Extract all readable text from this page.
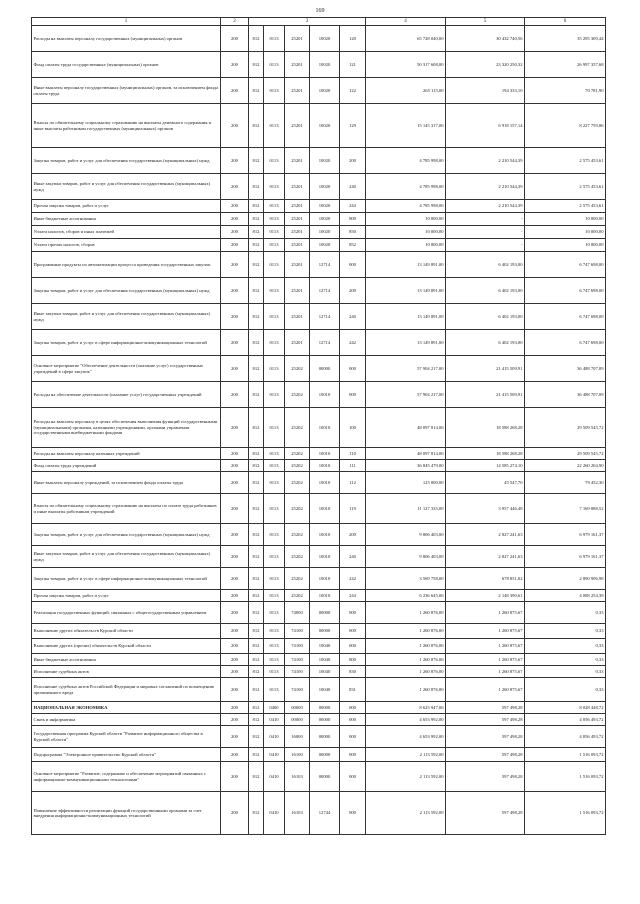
169
1	2	3					4	5	6
Расходы на выплаты персоналу государственных (муниципальных) органов	200	812	0113	25201	10020	120	65 728 040,00	30 432 740,56	35 295 309,44
Фонд оплаты труда государственных (муниципальных) органов	200	812	0113	25201	10020	121	50 317 608,00	23 320 250,32	26 997 357,68
Иные выплаты персоналу государственных (муниципальных) органов, за исключением фонда оплаты труда	200	812	0113	25201	10020	122	265 115,00	194 333,10	70 781,90
Взносы по обязательному социальному страхованию на выплаты денежного содержания и иные выплаты работникам государственных (муниципальных) органов	200	812	0113	25201	10020	129	15 145 317,00	6 918 157,14	8 227 759,86
Закупка товаров, работ и услуг для обеспечения государственных (муниципальных) нужд	200	812	0113	25201	10020	200	4 785 998,00	2 210 544,39	2 575 453,61
Иные закупки товаров, работ и услуг для обеспечения государственных (муниципальных) нужд	200	812	0113	25201	10020	240	4 785 998,00	2 210 544,39	2 575 453,61
Прочая закупка товаров, работ и услуг	200	812	0113	25201	10020	244	4 785 998,00	2 210 544,39	2 575 453,61
Иные бюджетные ассигнования	200	812	0113	25201	10020	800	10 000,00	-	10 000,00
Уплата налогов, сборов и иных платежей	200	812	0113	25201	10020	850	10 000,00	-	10 000,00
Уплата прочих налогов, сборов	200	812	0113	25201	10020	852	10 000,00	-	10 000,00
Программные продукты по автоматизации процесса проведения государственных закупок	200	812	0113	25201	12714	000	13 149 891,00	6 402 193,00	6 747 698,00
Закупка товаров, работ и услуг для обеспечения государственных (муниципальных) нужд	200	812	0113	25201	12714	200	13 149 891,00	6 402 193,00	6 747 698,00
Иные закупки товаров, работ и услуг для обеспечения государственных (муниципальных) нужд	200	812	0113	25201	12714	240	13 149 891,00	6 402 193,00	6 747 698,00
Закупка товаров, работ и услуг в сфере информационно-коммуникационных технологий	200	812	0113	25201	12714	242	13 149 891,00	6 402 193,00	6 747 698,00
Основное мероприятие "Обеспечение деятельности (оказание услуг) государственных учреждений в сфере закупок"	200	812	0113	25202	00000	000	57 904 217,00	21 415 509,91	36 488 707,09
Расходы на обеспечение деятельности (оказание услуг) государственных учреждений	200	812	0113	25202	10010	000	57 904 217,00	21 415 509,91	36 488 707,09
Расходы на выплаты персоналу в целях обеспечения выполнения функций государственными (муниципальными) органами, казенными учреждениями, органами управления государственными внебюджетными фондами	200	812	0113	25202	10010	100	48 097 814,00	18 588 268,28	29 509 545,72
Расходы на выплаты персоналу казенных учреждений	200	812	0113	25202	10010	110	48 097 814,00	18 588 268,28	29 509 545,72
Фонд оплаты труда учреждений	200	812	0113	25202	10010	111	36 845 479,00	14 585 274,10	22 260 204,90
Иные выплаты персоналу учреждений, за исключением фонда оплаты труда	200	812	0113	25202	10010	112	125 000,00	45 547,70	79 452,30
Взносы по обязательному социальному страхованию на выплаты по оплате труда работников и иные выплаты работникам учреждений	200	812	0113	25202	10010	119	11 127 335,00	3 957 446,48	7 169 888,52
Закупка товаров, работ и услуг для обеспечения государственных (муниципальных) нужд	200	812	0113	25202	10010	200	9 806 403,00	2 827 241,63	6 979 161,37
Иные закупки товаров, работ и услуг для обеспечения государственных (муниципальных) нужд	200	812	0113	25202	10010	240	9 806 403,00	2 827 241,63	6 979 161,37
Закупка товаров, работ и услуг в сфере информационно-коммуникационных технологий	200	812	0113	25202	10010	242	3 569 758,00	678 851,02	2 890 906,98
Прочая закупка товаров, работ и услуг	200	812	0113	25202	10010	244	6 236 645,00	2 148 390,61	4 088 254,39
Реализация государственных функций, связанных с общегосударственным управлением	200	812	0113	74000	00000	000	1 260 876,00	1 260 875,67	0,33
Выполнение других обязательств Курской области	200	812	0113	74100	00000	000	1 260 876,00	1 260 875,67	0,33
Выполнение других (прочих) обязательств Курской области	200	812	0113	74100	10040	000	1 260 876,00	1 260 875,67	0,33
Иные бюджетные ассигнования	200	812	0113	74100	10040	800	1 260 876,00	1 260 875,67	0,33
Исполнение судебных актов	200	812	0113	74100	10040	830	1 260 876,00	1 260 875,67	0,33
Исполнение судебных актов Российской Федерации и мировых соглашений по возмещению причиненного вреда	200	812	0113	74100	10040	831	1 260 876,00	1 260 875,67	0,33
НАЦИОНАЛЬНАЯ ЭКОНОМИКА	200	812	0400	00000	00000	000	8 625 947,00	597 498,28	8 028 448,72
Связь и информатика	200	812	0410	00000	00000	000	4 653 992,00	597 498,28	4 056 493,72
Государственная программа Курской области "Развитие информационного общества в Курской области"	200	812	0410	16000	00000	000	4 653 992,00	597 498,28	4 056 493,72
Подпрограмма "Электронное правительство Курской области"	200	812	0410	16100	00000	000	2 113 592,00	597 498,28	1 516 093,72
Основное мероприятие "Развитие, содержание и обеспечение мероприятий связанных с информационно-коммуникационными технологиями"	200	812	0410	16103	00000	000	2 113 592,00	597 498,28	1 516 093,72
Повышение эффективности реализации функций государственными органами за счет внедрения информационно-коммуникационных технологий	200	812	0410	16103	12744	000	2 113 592,00	597 498,28	1 516 093,72
